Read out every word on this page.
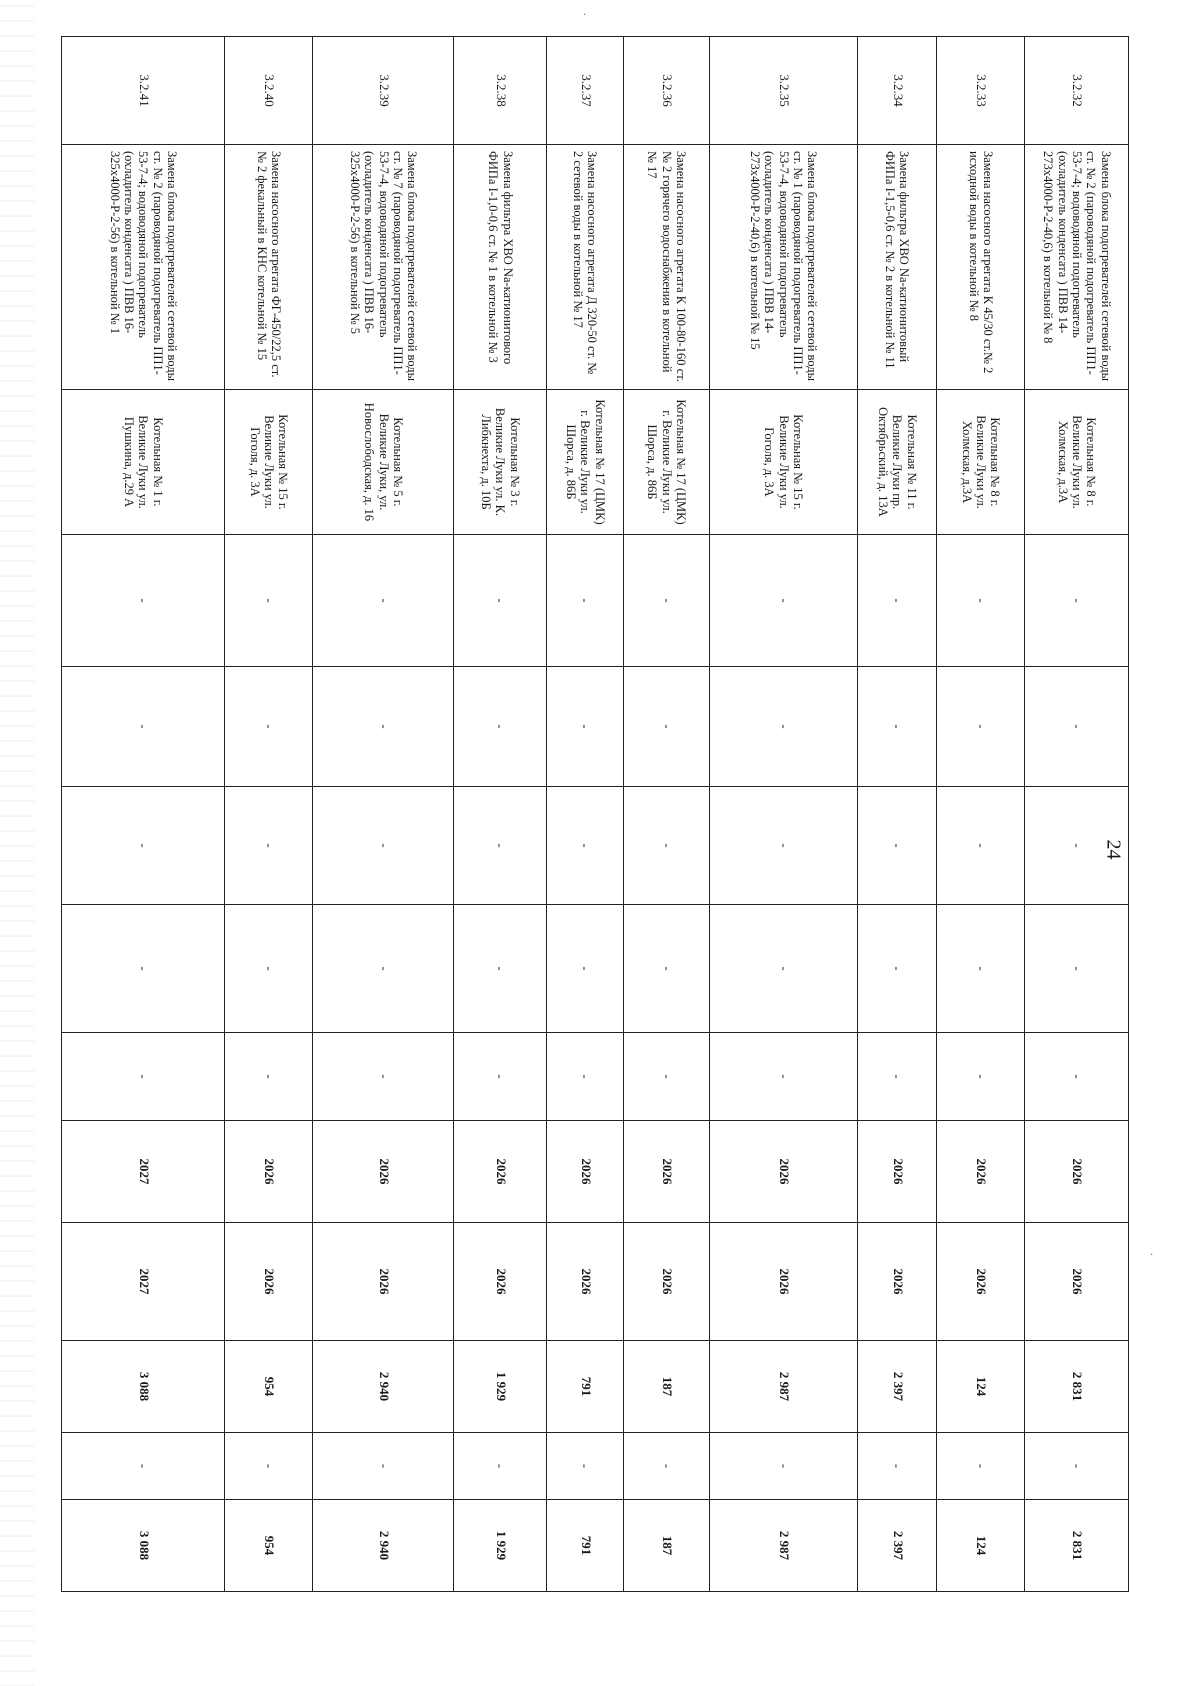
·
·
24
3.2.32	Замена блока подогревателей сетевой воды ст. № 2 (пароводяной подогреватель ПП1-53-7-4; водоводяной подогреватель (охладитель конденсата ) ПВВ 14- 273х4000-Р-2-40,6) в котельной № 8	Котельная № 8 г. Великие Луки ул. Холмская, д.3А	-	-	-	-	-	2026	2026	2 831	-	2 831
3.2.33	Замена насосного агрегата К 45/30 ст.№ 2 исходной воды в котельной № 8	Котельная № 8 г. Великие Луки ул. Холмская, д.3А	-	-	-	-	-	2026	2026	124	-	124
3.2.34	Замена фильтра ХВО Na-катионитовый ФИПа I-1,5-0,6 ст. № 2 в котельной № 11	Котельная № 11 г. Великие Луки пр. Октябрьский, д. 13А	-	-	-	-	-	2026	2026	2 397	-	2 397
3.2.35	Замена блока подогревателей сетевой воды ст. № 1 (пароводяной подогреватель ПП1-53-7-4, водоводяной подогреватель (охладитель конденсата ) ПВВ 14- 273х4000-Р-2-40,6) в котельной № 15	Котельная № 15 г. Великие Луки ул. Гоголя, д. 3А	-	-	-	-	-	2026	2026	2 987	-	2 987
3.2.36	Замена насосного агрегата К 100-80-160 ст. № 2 горячего водоснабжения в котельной № 17	Котельная № 17 (ЦМК) г. Великие Луки ул. Шорса, д. 86Б	-	-	-	-	-	2026	2026	187	-	187
3.2.37	Замена насосного агрегата Д 320-50 ст. № 2 сетевой воды в котельной № 17	Котельная № 17 (ЦМК) г. Великие Луки ул. Шорса, д. 86Б	-	-	-	-	-	2026	2026	791	-	791
3.2.38	Замена фильтра ХВО Na-катионитового ФИПа I-1,0-0,6 ст. № 1 в котельной № 3	Котельная № 3 г. Великие Луки ул. К. Либкнехта, д. 10Б	-	-	-	-	-	2026	2026	1 929	-	1 929
3.2.39	Замена блока подогревателей сетевой воды ст. № 7 (пароводяной подогреватель ПП1-53-7-4, водоводяной подогреватель (охладитель конденсата ) ПВВ 16- 325х4000-Р-2-56) в котельной № 5	Котельная № 5 г. Великие Луки, ул. Новослободская, д. 16	-	-	-	-	-	2026	2026	2 940	-	2 940
3.2.40	Замена насосного агрегата ФГ-450/22,5 ст. № 2 фекальный в КНС котельной № 15	Котельная № 15 г. Великие Луки ул. Гоголя, д. 3А	-	-	-	-	-	2026	2026	954	-	954
3.2.41	Замена блока подогревателей сетевой воды ст. № 2 (пароводяной подогреватель ПП1-53-7-4; водоводяной подогреватель (охладитель конденсата ) ПВВ 16-325х4000-Р-2-56) в котельной № 1	Котельная № 1 г. Великие Луки ул. Пушкина, д.29 А	-	-	-	-	-	2027	2027	3 088	-	3 088
